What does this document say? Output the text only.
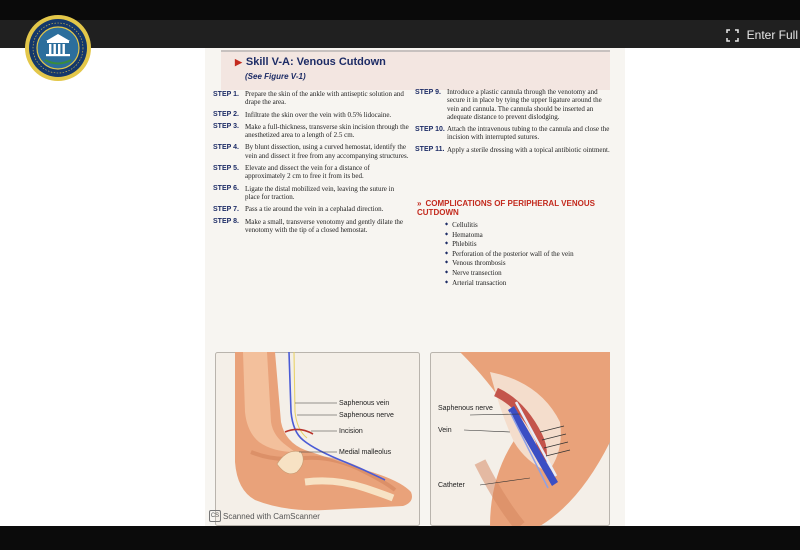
Enter Full
▶ Skill V-A: Venous Cutdown
(See Figure V-1)
STEP 1. Prepare the skin of the ankle with antiseptic solution and drape the area.
STEP 2. Infiltrate the skin over the vein with 0.5% lidocaine.
STEP 3. Make a full-thickness, transverse skin incision through the anesthetized area to a length of 2.5 cm.
STEP 4. By blunt dissection, using a curved hemostat, identify the vein and dissect it free from any accompanying structures.
STEP 5. Elevate and dissect the vein for a distance of approximately 2 cm to free it from its bed.
STEP 6. Ligate the distal mobilized vein, leaving the suture in place for traction.
STEP 7. Pass a tie around the vein in a cephalad direction.
STEP 8. Make a small, transverse venotomy and gently dilate the venotomy with the tip of a closed hemostat.
STEP 9. Introduce a plastic cannula through the venotomy and secure it in place by tying the upper ligature around the vein and cannula. The cannula should be inserted an adequate distance to prevent dislodging.
STEP 10. Attach the intravenous tubing to the cannula and close the incision with interrupted sutures.
STEP 11. Apply a sterile dressing with a topical antibiotic ointment.
» COMPLICATIONS OF PERIPHERAL VENOUS CUTDOWN
◆ Cellulitis
◆ Hematoma
◆ Phlebitis
◆ Perforation of the posterior wall of the vein
◆ Venous thrombosis
◆ Nerve transection
◆ Arterial transaction
Saphenous vein
Saphenous nerve
Incision
Medial malleolus
Saphenous nerve
Vein
Catheter
CS Scanned with CamScanner
